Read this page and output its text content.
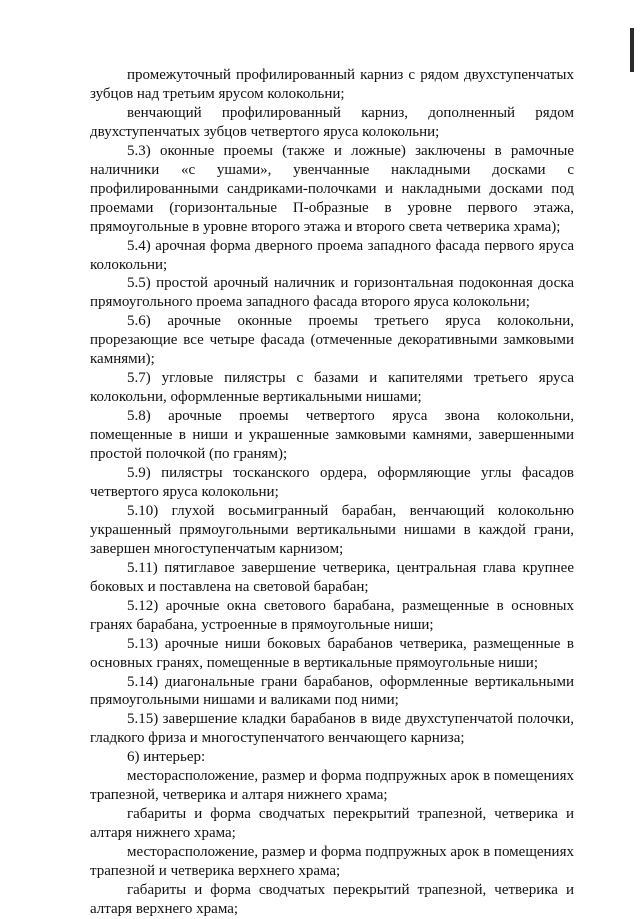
промежуточный профилированный карниз с рядом двухступенчатых зубцов над третьим ярусом колокольни;

венчающий профилированный карниз, дополненный рядом двухступенчатых зубцов четвертого яруса колокольни;

5.3) оконные проемы (также и ложные) заключены в рамочные наличники «с ушами», увенчанные накладными досками с профилированными сандриками-полочками и накладными досками под проемами (горизонтальные П-образные в уровне первого этажа, прямоугольные в уровне второго этажа и второго света четверика храма);

5.4) арочная форма дверного проема западного фасада первого яруса колокольни;

5.5) простой арочный наличник и горизонтальная подоконная доска прямоугольного проема западного фасада второго яруса колокольни;

5.6) арочные оконные проемы третьего яруса колокольни, прорезающие все четыре фасада (отмеченные декоративными замковыми камнями);

5.7) угловые пилястры с базами и капителями третьего яруса колокольни, оформленные вертикальными нишами;

5.8) арочные проемы четвертого яруса звона колокольни, помещенные в ниши и украшенные замковыми камнями, завершенными простой полочкой (по граням);

5.9) пилястры тосканского ордера, оформляющие углы фасадов четвертого яруса колокольни;

5.10) глухой восьмигранный барабан, венчающий колокольню украшенный прямоугольными вертикальными нишами в каждой грани, завершен многоступенчатым карнизом;

5.11) пятиглавое завершение четверика, центральная глава крупнее боковых и поставлена на световой барабан;

5.12) арочные окна светового барабана, размещенные в основных гранях барабана, устроенные в прямоугольные ниши;

5.13) арочные ниши боковых барабанов четверика, размещенные в основных гранях, помещенные в вертикальные прямоугольные ниши;

5.14) диагональные грани барабанов, оформленные вертикальными прямоугольными нишами и валиками под ними;

5.15) завершение кладки барабанов в виде двухступенчатой полочки, гладкого фриза и многоступенчатого венчающего карниза;

6) интерьер:

месторасположение, размер и форма подпружных арок в помещениях трапезной, четверика и алтаря нижнего храма;

габариты и форма сводчатых перекрытий трапезной, четверика и алтаря нижнего храма;

месторасположение, размер и форма подпружных арок в помещениях трапезной и четверика верхнего храма;

габариты и форма сводчатых перекрытий трапезной, четверика и алтаря верхнего храма;
